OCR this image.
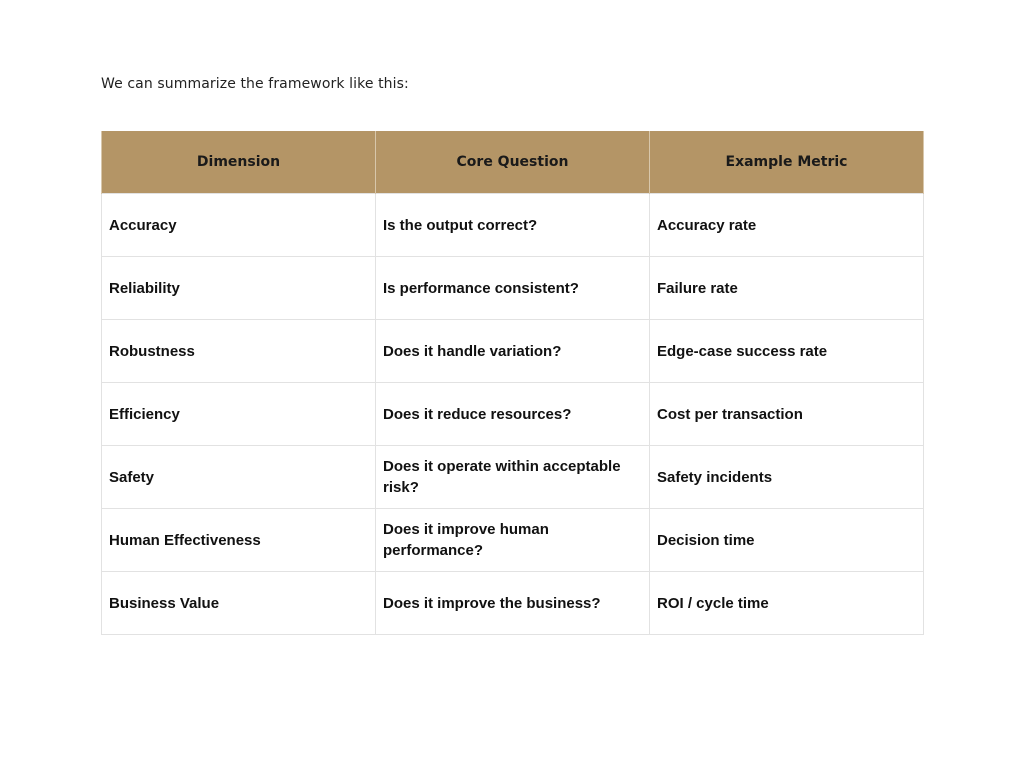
We can summarize the framework like this:
Dimension	Core Question	Example Metric
Accuracy	Is the output correct?	Accuracy rate
Reliability	Is performance consistent?	Failure rate
Robustness	Does it handle variation?	Edge-case success rate
Efficiency	Does it reduce resources?	Cost per transaction
Safety	Does it operate within acceptable risk?	Safety incidents
Human Effectiveness	Does it improve human performance?	Decision time
Business Value	Does it improve the business?	ROI / cycle time
